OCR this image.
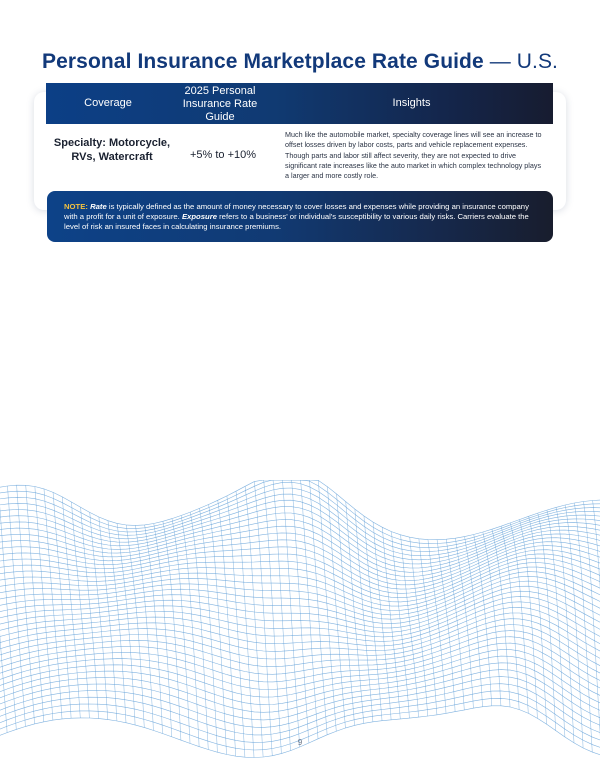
Personal Insurance Marketplace Rate Guide — U.S.
Coverage
2025 Personal Insurance Rate Guide
Insights
Specialty: Motorcycle, RVs, Watercraft	+5% to +10%
Much like the automobile market, specialty coverage lines will see an increase to offset losses driven by labor costs, parts and vehicle replacement expenses. Though parts and labor still affect severity, they are not expected to drive significant rate increases like the auto market in which complex technology plays a larger and more costly role.
NOTE: Rate is typically defined as the amount of money necessary to cover losses and expenses while providing an insurance company with a profit for a unit of exposure. Exposure refers to a business' or individual's susceptibility to various daily risks. Carriers evaluate the level of risk an insured faces in calculating insurance premiums.
9
